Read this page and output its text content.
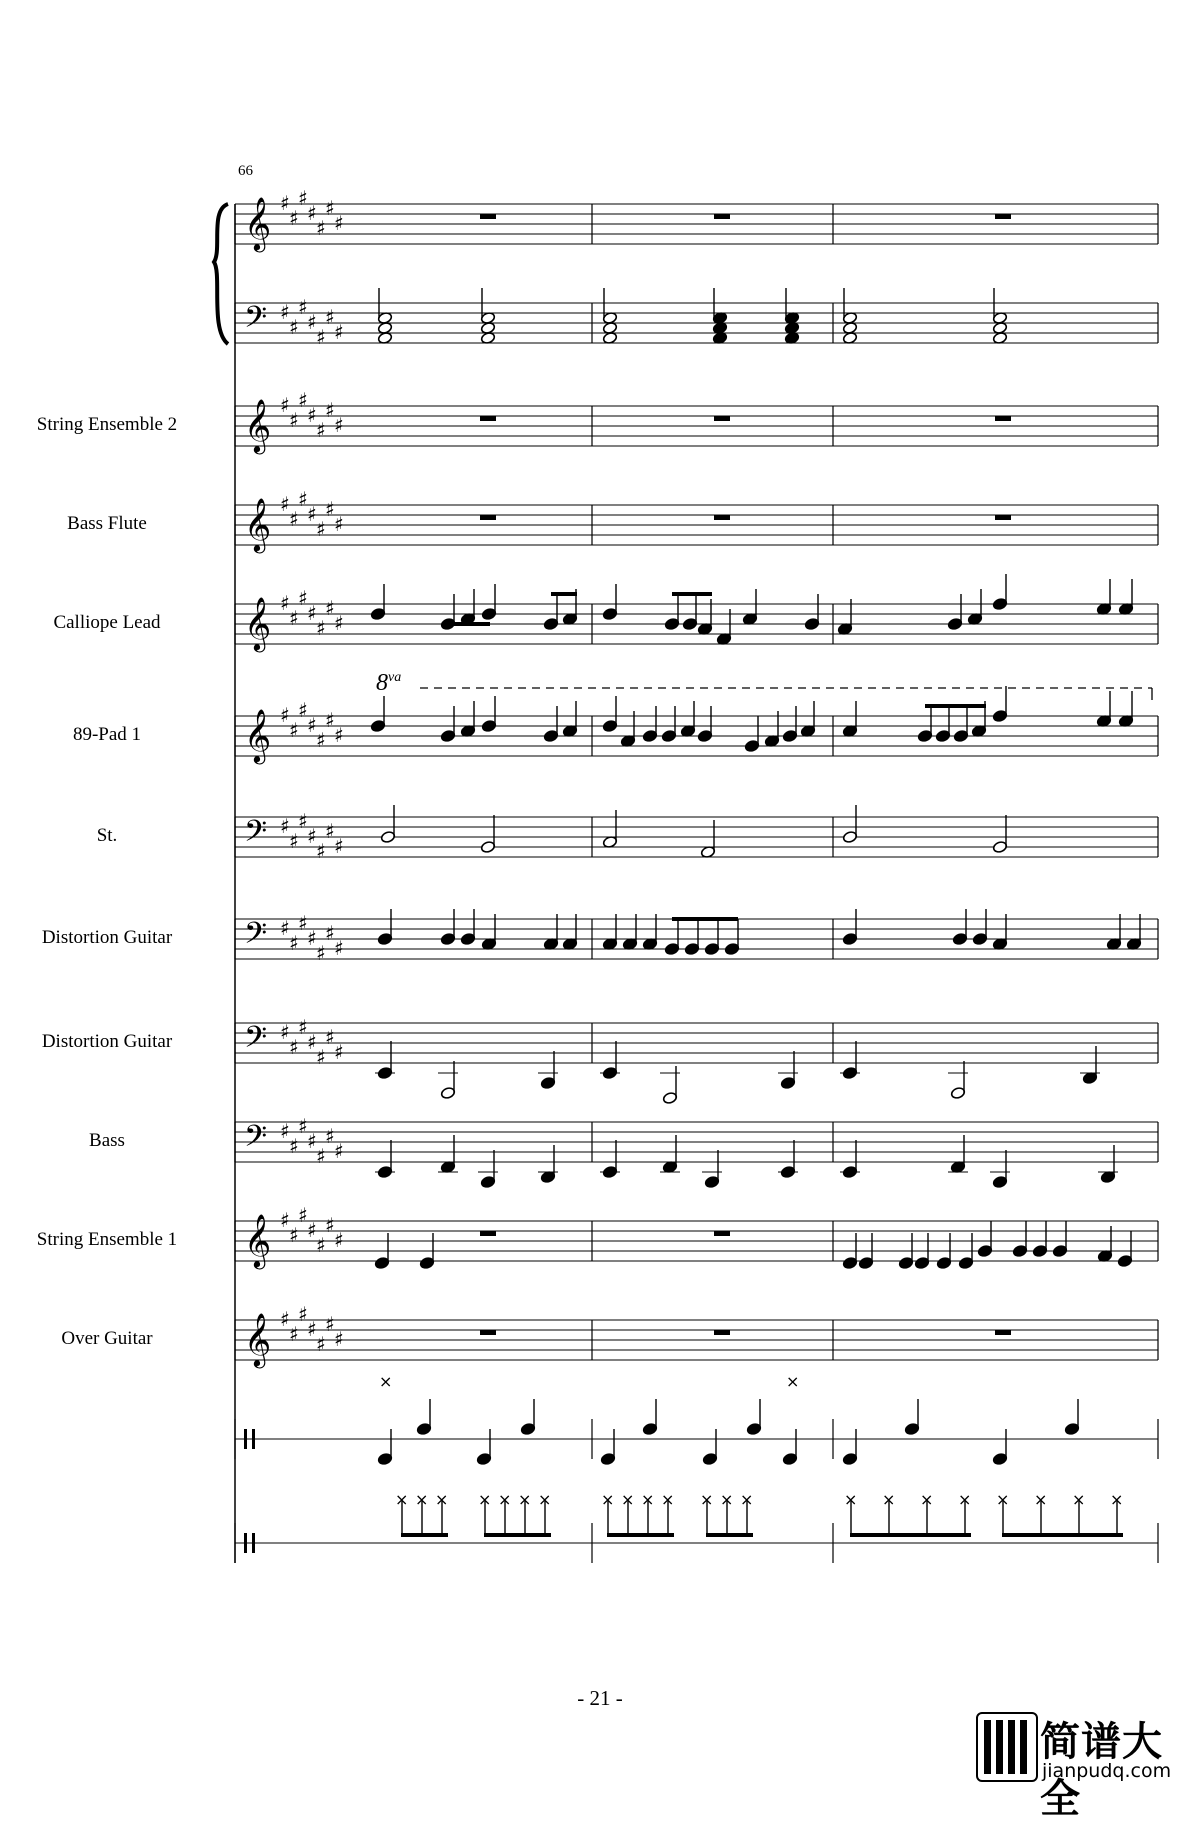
𝄞 ♯
♯
♯
♯
♯
♯
♯
𝄢 ♯
♯
♯
♯
♯
♯
♯
𝄞 ♯
♯
♯
♯
♯
♯
♯
𝄞 ♯
♯
♯
♯
♯
♯
♯
𝄞 ♯
♯
♯
♯
♯
♯
♯
𝄞 ♯
♯
♯
♯
♯
♯
♯
𝄢 ♯
♯
♯
♯
♯
♯
♯
𝄢 ♯
♯
♯
♯
♯
♯
♯
𝄢 ♯
♯
♯
♯
♯
♯
♯
𝄢 ♯
♯
♯
♯
♯
♯
♯
𝄞 ♯
♯
♯
♯
♯
♯
♯
𝄞 ♯
♯
♯
♯
♯
♯
♯
×	×
× × × × × × ×	× × × × × × ×	× × × × × × × ×
66
$8^{va}$
String Ensemble 2
Bass Flute
Calliope Lead
89-Pad 1
St.
Distortion Guitar
Distortion Guitar
Bass
String Ensemble 1
Over Guitar
- 21 -
简谱大全
jianpudq.com
